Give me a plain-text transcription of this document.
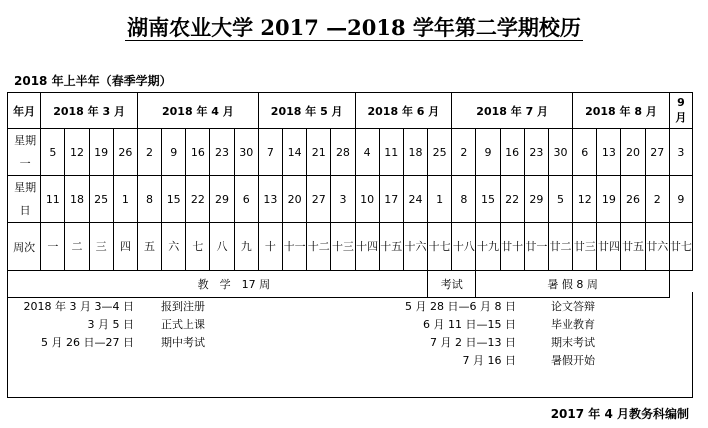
湖南农业大学 2017 —2018 学年第二学期校历
2018 年上半年（春季学期）
年月	2018 年 3 月				2018 年 4 月					2018 年 5 月				2018 年 6 月				2018 年 7 月					2018 年 8 月				9 月
星期一	5	12	19	26	2	9	16	23	30	7	14	21	28	4	11	18	25	2	9	16	23	30	6	13	20	27	3
星期日	11	18	25	1	8	15	22	29	6	13	20	27	3	10	17	24	1	8	15	22	29	5	12	19	26	2	9
周次	一	二	三	四	五	六	七	八	九	十	十一	十二	十三	十四	十五	十六	十七	十八	十九	廿十	廿一	廿二	廿三	廿四	廿五	廿六	廿七
	教　学　17 周																考试		暑 假 8 周								
2018 年 3 月 3—4 日 报到注册
3 月 5 日 正式上课
5 月 26 日—27 日 期中考试
5 月 28 日—6 月 8 日	论文答辩
6 月 11 日—15 日	毕业教育
7 月 2 日—13 日	期末考试
7 月 16 日	暑假开始
2017 年 4 月教务科编制
